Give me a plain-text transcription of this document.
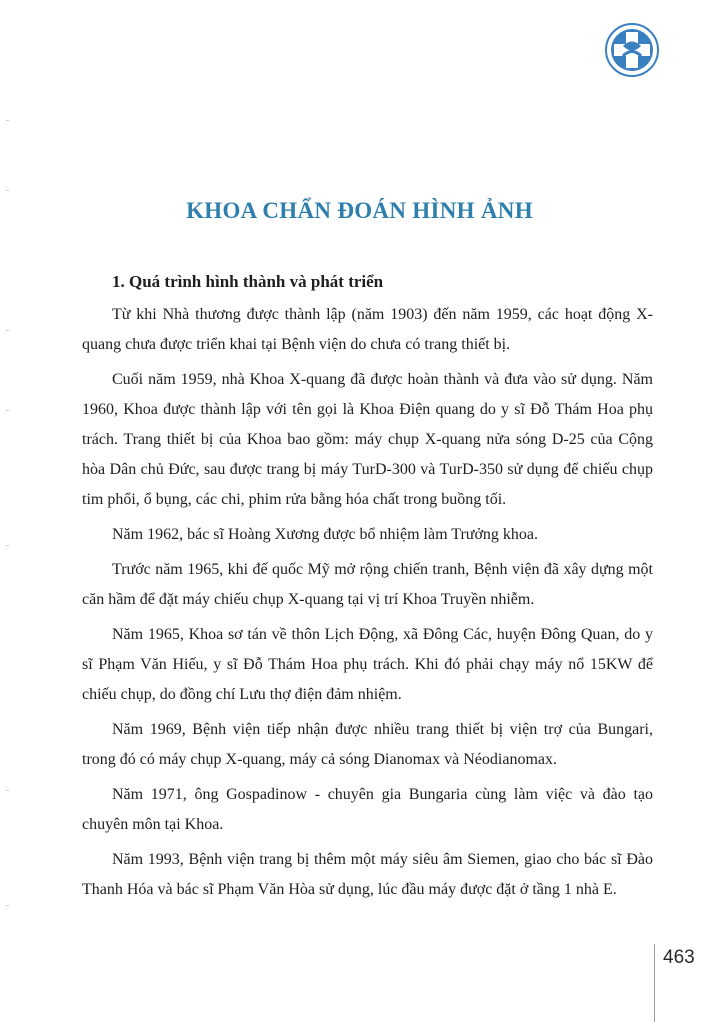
KHOA CHẨN ĐOÁN HÌNH ẢNH

1. Quá trình hình thành và phát triển

Từ khi Nhà thương được thành lập (năm 1903) đến năm 1959, các hoạt động X-quang chưa được triển khai tại Bệnh viện do chưa có trang thiết bị.

Cuối năm 1959, nhà Khoa X-quang đã được hoàn thành và đưa vào sử dụng. Năm 1960, Khoa được thành lập với tên gọi là Khoa Điện quang do y sĩ Đỗ Thám Hoa phụ trách. Trang thiết bị của Khoa bao gồm: máy chụp X-quang nửa sóng D-25 của Cộng hòa Dân chủ Đức, sau được trang bị máy TurD-300 và TurD-350 sử dụng để chiếu chụp tim phổi, ổ bụng, các chi, phim rửa bằng hóa chất trong buồng tối.

Năm 1962, bác sĩ Hoàng Xương được bổ nhiệm làm Trưởng khoa.

Trước năm 1965, khi đế quốc Mỹ mở rộng chiến tranh, Bệnh viện đã xây dựng một căn hầm để đặt máy chiếu chụp X-quang tại vị trí Khoa Truyền nhiễm.

Năm 1965, Khoa sơ tán về thôn Lịch Động, xã Đông Các, huyện Đông Quan, do y sĩ Phạm Văn Hiếu, y sĩ Đỗ Thám Hoa phụ trách. Khi đó phải chạy máy nổ 15KW để chiếu chụp, do đồng chí Lưu thợ điện đảm nhiệm.

Năm 1969, Bệnh viện tiếp nhận được nhiều trang thiết bị viện trợ của Bungari, trong đó có máy chụp X-quang, máy cả sóng Dianomax và Néodianomax.

Năm 1971, ông Gospadinow - chuyên gia Bungaria cùng làm việc và đào tạo chuyên môn tại Khoa.

Năm 1993, Bệnh viện trang bị thêm một máy siêu âm Siemen, giao cho bác sĩ Đào Thanh Hóa và bác sĩ Phạm Văn Hòa sử dụng, lúc đầu máy được đặt ở tầng 1 nhà E.

463
